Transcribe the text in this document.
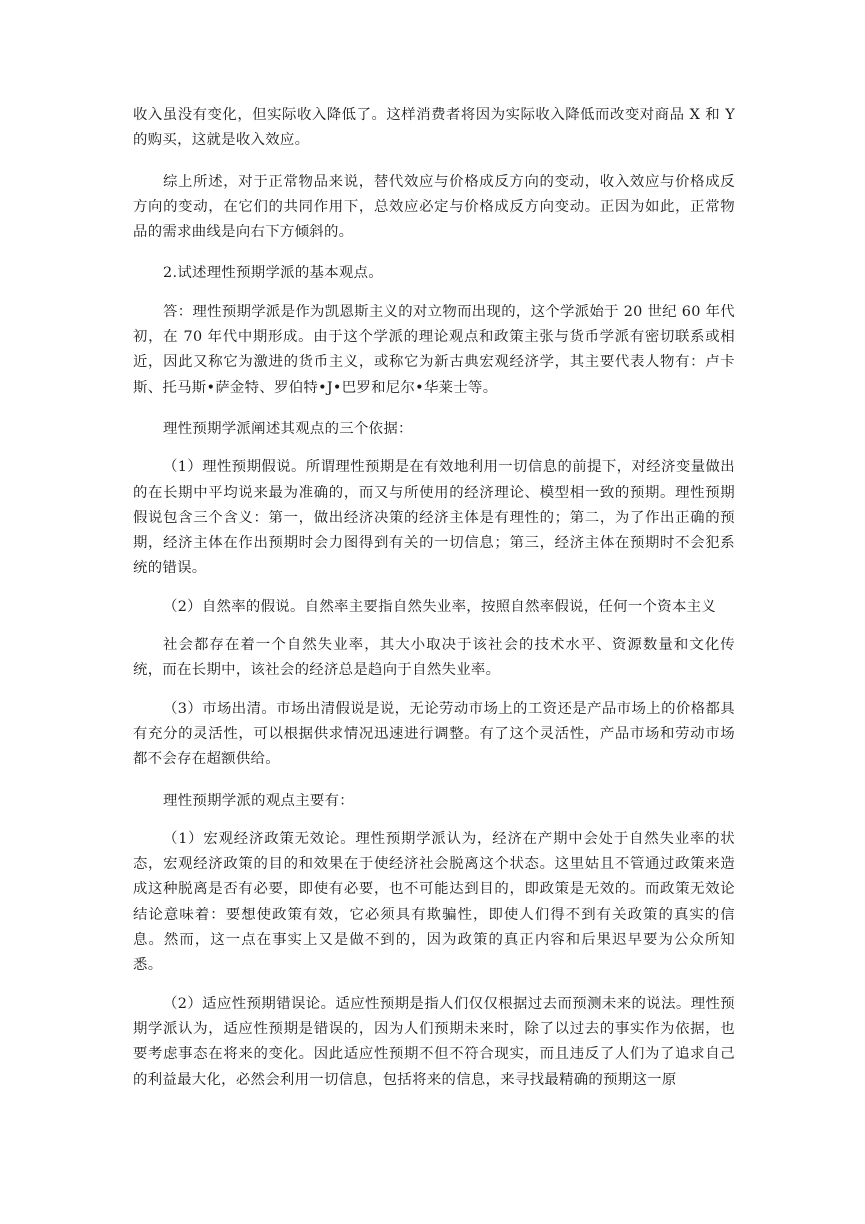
收入虽没有变化，但实际收入降低了。这样消费者将因为实际收入降低而改变对商品 X 和 Y 的购买，这就是收入效应。

综上所述，对于正常物品来说，替代效应与价格成反方向的变动，收入效应与价格成反方向的变动，在它们的共同作用下，总效应必定与价格成反方向变动。正因为如此，正常物品的需求曲线是向右下方倾斜的。

2.试述理性预期学派的基本观点。

答：理性预期学派是作为凯恩斯主义的对立物而出现的，这个学派始于 20 世纪 60 年代初，在 70 年代中期形成。由于这个学派的理论观点和政策主张与货币学派有密切联系或相近，因此又称它为激进的货币主义，或称它为新古典宏观经济学，其主要代表人物有：卢卡斯、托马斯•萨金特、罗伯特•J•巴罗和尼尔•华莱士等。

理性预期学派阐述其观点的三个依据：

（1）理性预期假说。所谓理性预期是在有效地利用一切信息的前提下，对经济变量做出的在长期中平均说来最为准确的，而又与所使用的经济理论、模型相一致的预期。理性预期假说包含三个含义：第一，做出经济决策的经济主体是有理性的；第二，为了作出正确的预期，经济主体在作出预期时会力图得到有关的一切信息；第三，经济主体在预期时不会犯系统的错误。

（2）自然率的假说。自然率主要指自然失业率，按照自然率假说，任何一个资本主义

社会都存在着一个自然失业率，其大小取决于该社会的技术水平、资源数量和文化传统，而在长期中，该社会的经济总是趋向于自然失业率。

（3）市场出清。市场出清假说是说，无论劳动市场上的工资还是产品市场上的价格都具有充分的灵活性，可以根据供求情况迅速进行调整。有了这个灵活性，产品市场和劳动市场都不会存在超额供给。

理性预期学派的观点主要有：

（1）宏观经济政策无效论。理性预期学派认为，经济在产期中会处于自然失业率的状态，宏观经济政策的目的和效果在于使经济社会脱离这个状态。这里姑且不管通过政策来造成这种脱离是否有必要，即使有必要，也不可能达到目的，即政策是无效的。而政策无效论结论意味着：要想使政策有效，它必须具有欺骗性，即使人们得不到有关政策的真实的信息。然而，这一点在事实上又是做不到的，因为政策的真正内容和后果迟早要为公众所知悉。

（2）适应性预期错误论。适应性预期是指人们仅仅根据过去而预测未来的说法。理性预期学派认为，适应性预期是错误的，因为人们预期未来时，除了以过去的事实作为依据，也要考虑事态在将来的变化。因此适应性预期不但不符合现实，而且违反了人们为了追求自己的利益最大化，必然会利用一切信息，包括将来的信息，来寻找最精确的预期这一原
